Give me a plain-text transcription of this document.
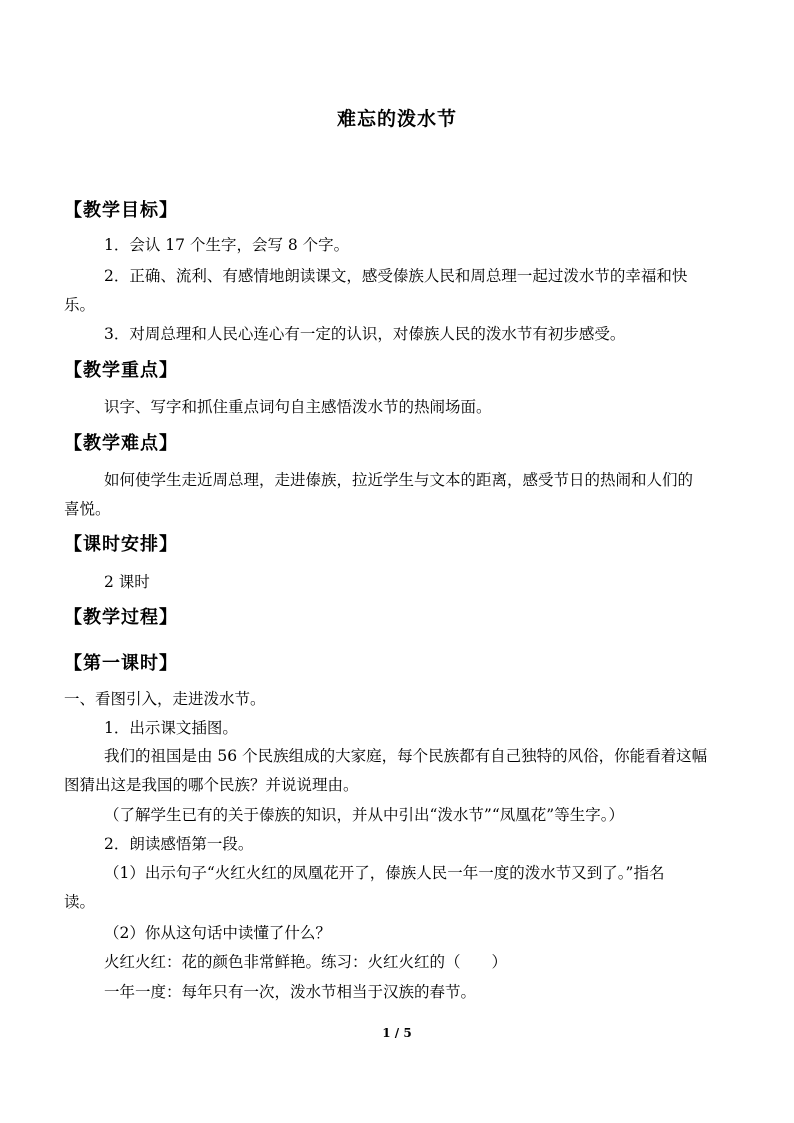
难忘的泼水节
【教学目标】
1．会认 17 个生字，会写 8 个字。
2．正确、流利、有感情地朗读课文，感受傣族人民和周总理一起过泼水节的幸福和快
乐。
3．对周总理和人民心连心有一定的认识，对傣族人民的泼水节有初步感受。
【教学重点】
识字、写字和抓住重点词句自主感悟泼水节的热闹场面。
【教学难点】
如何使学生走近周总理，走进傣族，拉近学生与文本的距离，感受节日的热闹和人们的
喜悦。
【课时安排】
2 课时
【教学过程】
【第一课时】
一、看图引入，走进泼水节。
1．出示课文插图。
我们的祖国是由 56 个民族组成的大家庭，每个民族都有自己独特的风俗，你能看着这幅
图猜出这是我国的哪个民族？并说说理由。
（了解学生已有的关于傣族的知识，并从中引出“泼水节”“凤凰花”等生字。）
2．朗读感悟第一段。
（1）出示句子“火红火红的凤凰花开了，傣族人民一年一度的泼水节又到了。”指名
读。
（2）你从这句话中读懂了什么？
火红火红：花的颜色非常鲜艳。练习：火红火红的（　　）
一年一度：每年只有一次，泼水节相当于汉族的春节。
1 / 5
